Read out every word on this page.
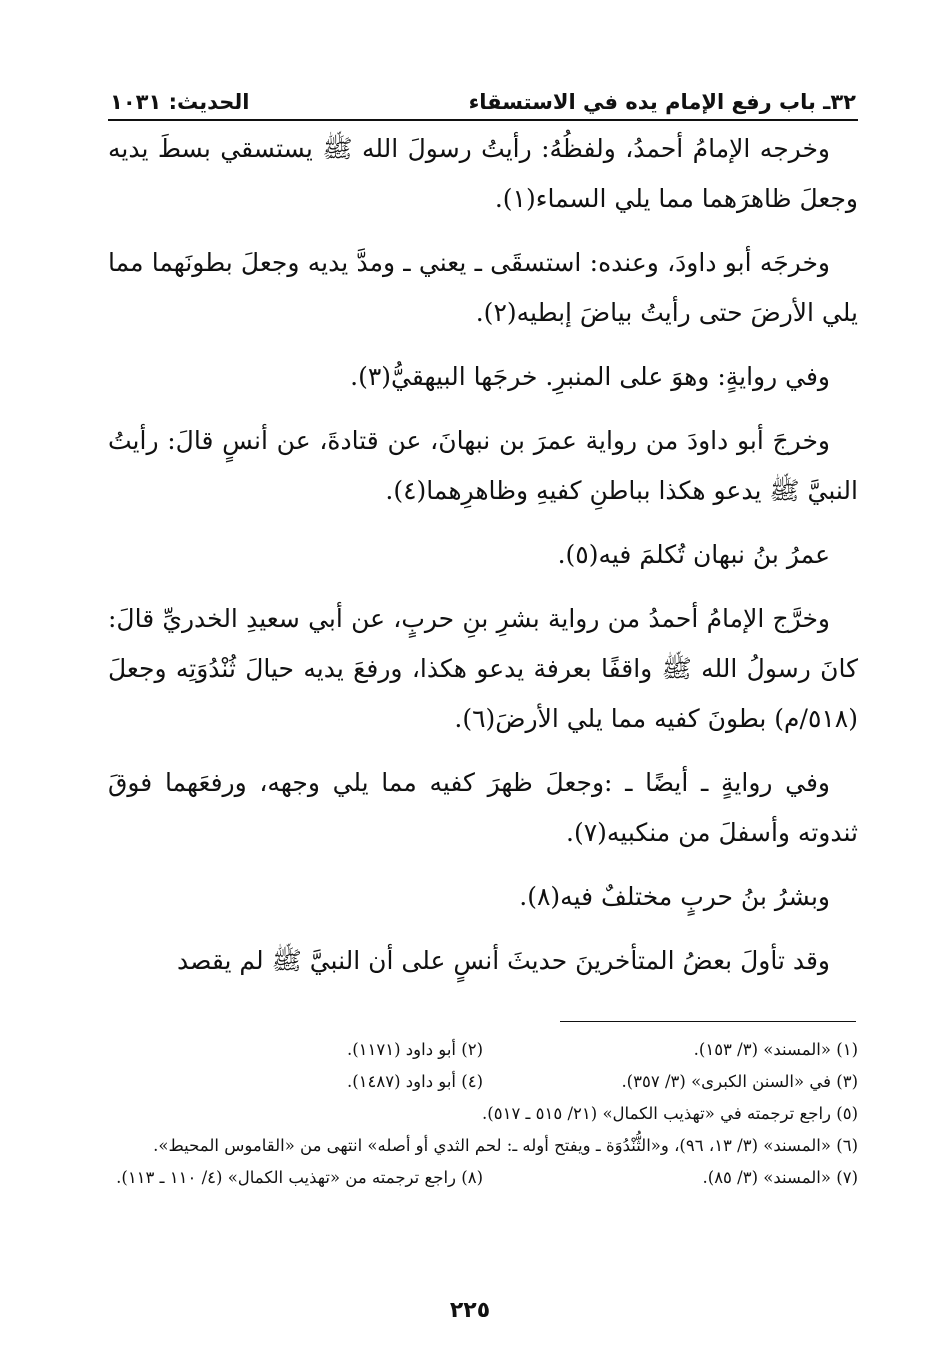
٣٢ـ باب رفع الإمام يده في الاستسقاء
الحديث: ١٠٣١

وخرجه الإمامُ أحمدُ، ولفظُهُ: رأيتُ رسولَ الله ﷺ يستسقي بسطَ يديه وجعلَ ظاهرَهما مما يلي السماء(١).

وخرجَه أبو داودَ، وعنده: استسقَى ـ يعني ـ ومدَّ يديه وجعلَ بطونَهما مما يلي الأرضَ حتى رأيتُ بياضَ إبطيه(٢).

وفي روايةٍ: وهوَ على المنبرِ. خرجَها البيهقيُّ(٣).

وخرجَ أبو داودَ من رواية عمرَ بن نبهانَ، عن قتادةَ، عن أنسٍ قالَ: رأيتُ النبيَّ ﷺ يدعو هكذا بباطنِ كفيهِ وظاهرِهما(٤).

عمرُ بنُ نبهان تُكلمَ فيه(٥).

وخرَّج الإمامُ أحمدُ من رواية بشرِ بنِ حربٍ، عن أبي سعيدِ الخدريِّ قالَ: كانَ رسولُ الله ﷺ واقفًا بعرفة يدعو هكذا، ورفعَ يديه حيالَ ثُنْدُوَتِه وجعلَ (٥١٨/م) بطونَ كفيه مما يلي الأرضَ(٦).

وفي روايةٍ ـ أيضًا ـ :وجعلَ ظهرَ كفيه مما يلي وجهه، ورفعَهما فوقَ ثندوته وأسفلَ من منكبيه(٧).

وبشرُ بنُ حربٍ مختلفٌ فيه(٨).

وقد تأولَ بعضُ المتأخرينَ حديثَ أنسٍ على أن النبيَّ ﷺ لم يقصد

(١) «المسند» (٣/ ١٥٣).
(٢) أبو داود (١١٧١).
(٣) في «السنن الكبرى» (٣/ ٣٥٧).
(٤) أبو داود (١٤٨٧).
(٥) راجع ترجمته في «تهذيب الكمال» (٢١/ ٥١٥ ـ ٥١٧).
(٦) «المسند» (٣/ ١٣، ٩٦)، و«الثُّنْدُوَة ـ ويفتح أوله ـ: لحم الثدي أو أصله» انتهى من «القاموس المحيط».
(٧) «المسند» (٣/ ٨٥).
(٨) راجع ترجمته من «تهذيب الكمال» (٤/ ١١٠ ـ ١١٣).
٢٢٥
